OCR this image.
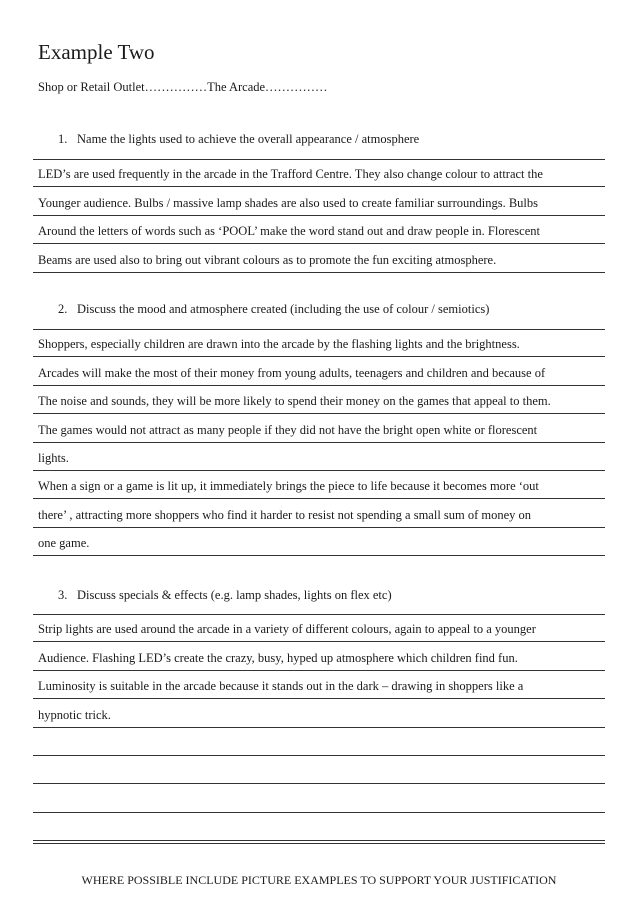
Example Two
Shop or Retail Outlet……………The Arcade……………
1. Name the lights used to achieve the overall appearance / atmosphere
LED’s are used frequently in the arcade in the Trafford Centre. They also change colour to attract the
Younger audience. Bulbs / massive lamp shades are also used to create familiar surroundings. Bulbs
Around the letters of words such as ‘POOL’ make the word stand out and draw people in. Florescent
Beams are used also to bring out vibrant colours as to promote the fun exciting atmosphere.
2. Discuss the mood and atmosphere created (including the use of colour / semiotics)
Shoppers, especially children are drawn into the arcade by the flashing lights and the brightness.
Arcades will make the most of their money from young adults, teenagers and children and because of
The noise and sounds, they will be more likely to spend their money on the games that appeal to them.
The games would not attract as many people if they did not have the bright open white or florescent
lights.
When a sign or a game is lit up, it immediately brings the piece to life because it becomes more ‘out
there’ , attracting more shoppers who find it harder to resist not spending a small sum of money on
one game.
3. Discuss specials & effects (e.g. lamp shades, lights on flex etc)
Strip lights are used around the arcade in a variety of different colours, again to appeal to a younger
Audience. Flashing LED’s create the crazy, busy, hyped up atmosphere which children find fun.
Luminosity is suitable in the arcade because it stands out in the dark – drawing in shoppers like a
hypnotic trick.
WHERE POSSIBLE INCLUDE PICTURE EXAMPLES TO SUPPORT YOUR JUSTIFICATION
